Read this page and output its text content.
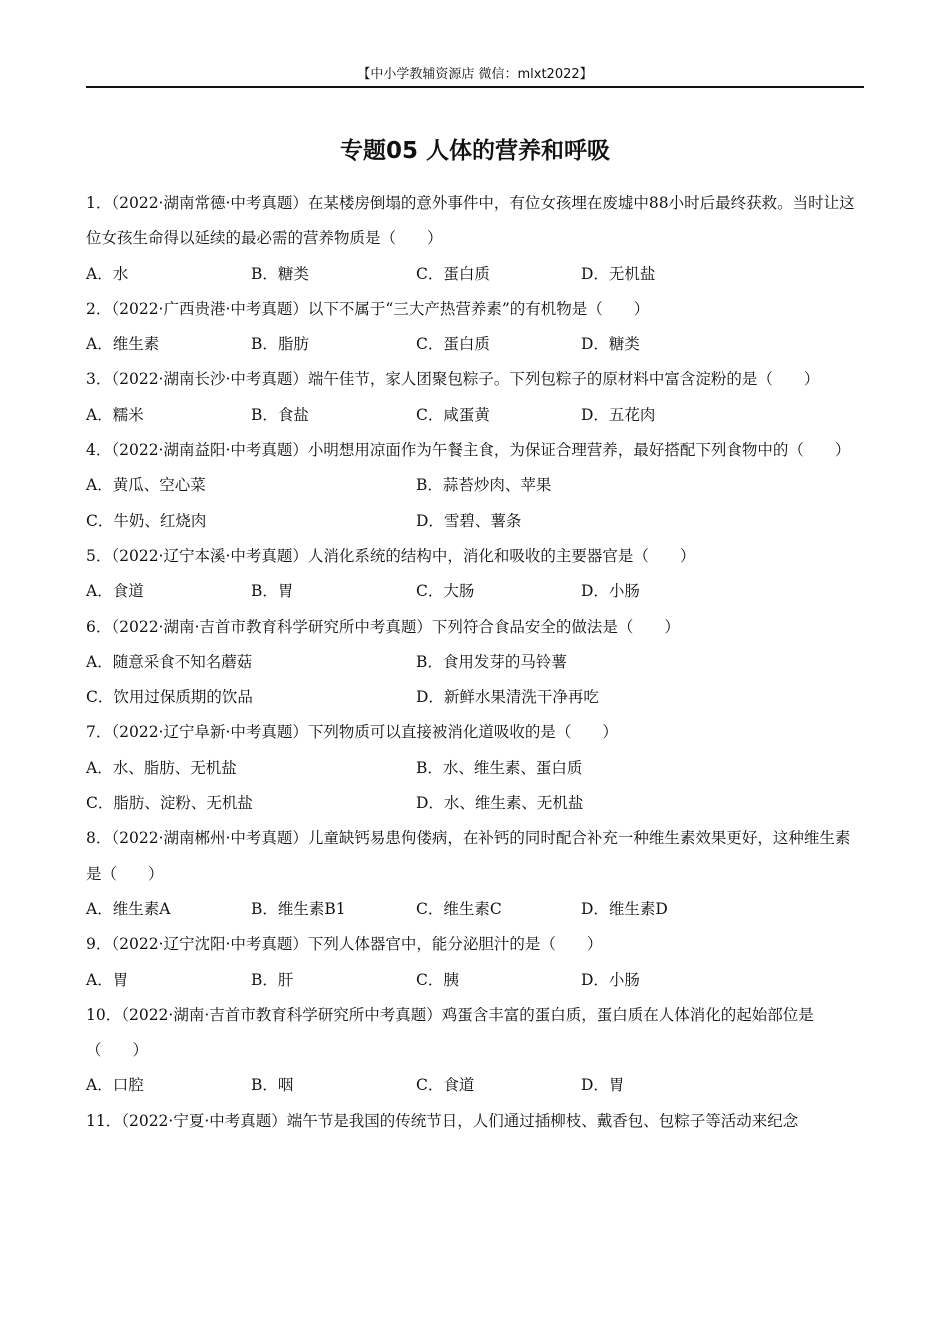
【中小学教辅资源店 微信：mlxt2022】
专题05 人体的营养和呼吸
1．（2022·湖南常德·中考真题）在某楼房倒塌的意外事件中，有位女孩埋在废墟中88小时后最终获救。当时让这位女孩生命得以延续的最必需的营养物质是（　　）
A．水	B．糖类	C．蛋白质	D．无机盐
2．（2022·广西贵港·中考真题）以下不属于“三大产热营养素”的有机物是（　　）
A．维生素	B．脂肪	C．蛋白质	D．糖类
3．（2022·湖南长沙·中考真题）端午佳节，家人团聚包粽子。下列包粽子的原材料中富含淀粉的是（　　）
A．糯米	B．食盐	C．咸蛋黄	D．五花肉
4．（2022·湖南益阳·中考真题）小明想用凉面作为午餐主食，为保证合理营养，最好搭配下列食物中的（　　）
A．黄瓜、空心菜	B．蒜苔炒肉、苹果
C．牛奶、红烧肉	D．雪碧、薯条
5．（2022·辽宁本溪·中考真题）人消化系统的结构中，消化和吸收的主要器官是（　　）
A．食道	B．胃	C．大肠	D．小肠
6．（2022·湖南·吉首市教育科学研究所中考真题）下列符合食品安全的做法是（　　）
A．随意采食不知名蘑菇	B．食用发芽的马铃薯
C．饮用过保质期的饮品	D．新鲜水果清洗干净再吃
7．（2022·辽宁阜新·中考真题）下列物质可以直接被消化道吸收的是（　　）
A．水、脂肪、无机盐	B．水、维生素、蛋白质
C．脂肪、淀粉、无机盐	D．水、维生素、无机盐
8．（2022·湖南郴州·中考真题）儿童缺钙易患佝偻病，在补钙的同时配合补充一种维生素效果更好，这种维生素是（　　）
A．维生素A	B．维生素B1	C．维生素C	D．维生素D
9．（2022·辽宁沈阳·中考真题）下列人体器官中，能分泌胆汁的是（　　）
A．胃	B．肝	C．胰	D．小肠
10．（2022·湖南·吉首市教育科学研究所中考真题）鸡蛋含丰富的蛋白质，蛋白质在人体消化的起始部位是（　　）
A．口腔	B．咽	C．食道	D．胃
11．（2022·宁夏·中考真题）端午节是我国的传统节日，人们通过插柳枝、戴香包、包粽子等活动来纪念
